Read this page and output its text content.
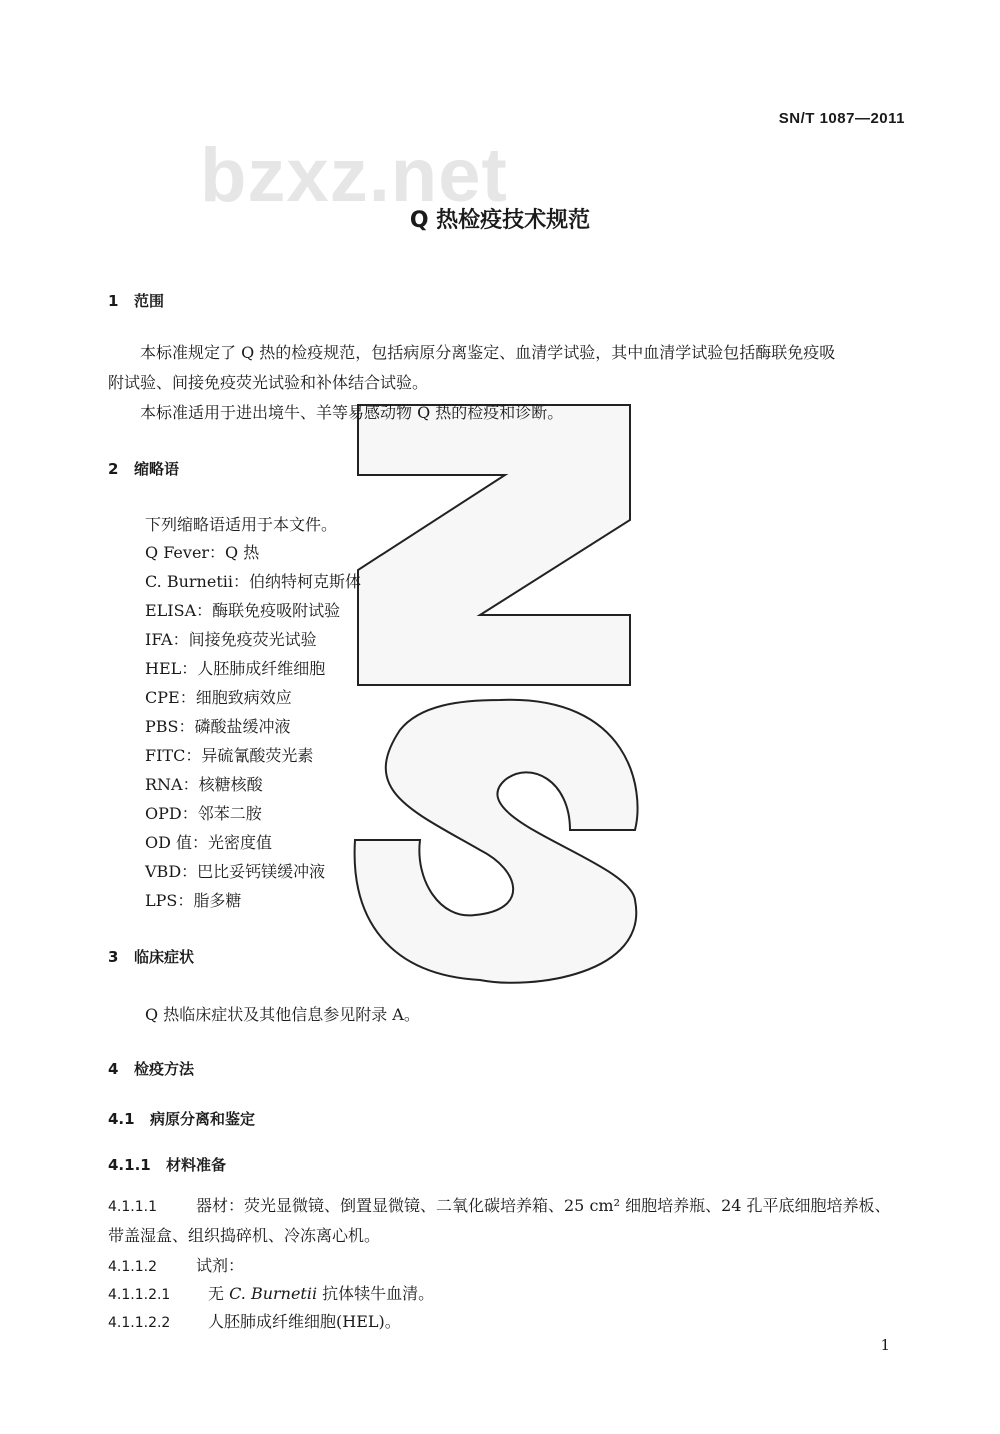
bzxz.net
SN/T 1087—2011
Q 热检疫技术规范
1 范围
本标准规定了 Q 热的检疫规范，包括病原分离鉴定、血清学试验，其中血清学试验包括酶联免疫吸
附试验、间接免疫荧光试验和补体结合试验。
本标准适用于进出境牛、羊等易感动物 Q 热的检疫和诊断。
2 缩略语
下列缩略语适用于本文件。
Q Fever：Q 热
C. Burnetii：伯纳特柯克斯体
ELISA：酶联免疫吸附试验
IFA：间接免疫荧光试验
HEL：人胚肺成纤维细胞
CPE：细胞致病效应
PBS：磷酸盐缓冲液
FITC：异硫氰酸荧光素
RNA：核糖核酸
OPD：邻苯二胺
OD 值：光密度值
VBD：巴比妥钙镁缓冲液
LPS：脂多糖
3 临床症状
Q 热临床症状及其他信息参见附录 A。
4 检疫方法
4.1 病原分离和鉴定
4.1.1 材料准备
4.1.1.1 器材：荧光显微镜、倒置显微镜、二氧化碳培养箱、25 cm² 细胞培养瓶、24 孔平底细胞培养板、
带盖湿盒、组织捣碎机、冷冻离心机。
4.1.1.2 试剂：
4.1.1.2.1 无 C. Burnetii 抗体犊牛血清。
4.1.1.2.2 人胚肺成纤维细胞(HEL)。
1
